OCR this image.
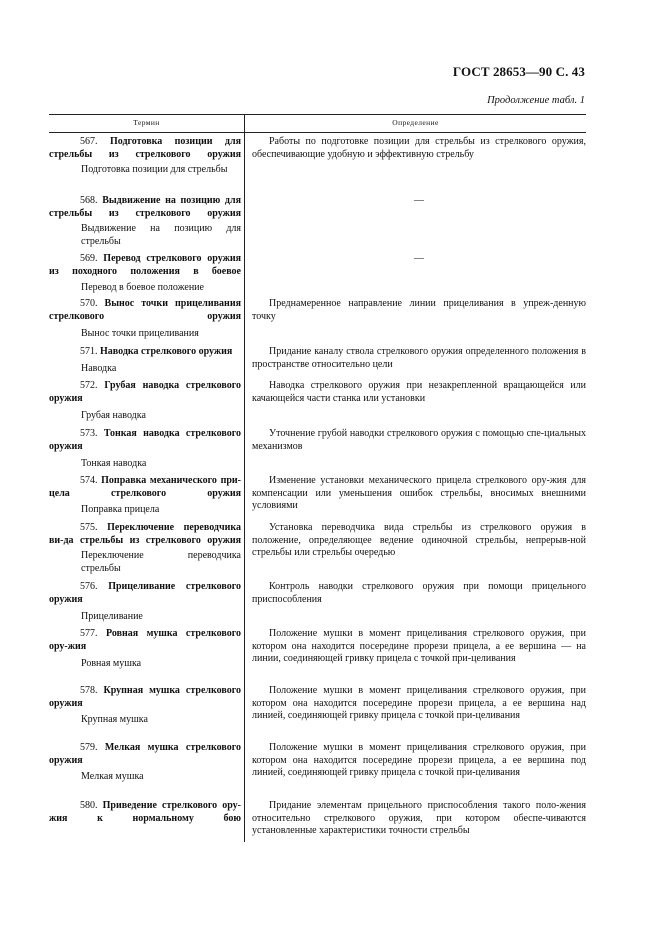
ГОСТ 28653—90 С. 43
Продолжение табл. 1
Термин	Определение
567. Подготовка позиции для стрельбы из стрелкового оружия
Подготовка позиции для стрельбы
Работы по подготовке позиции для стрельбы из стрелкового оружия, обеспечивающие удобную и эффективную стрельбу
568. Выдвижение на позицию для стрельбы из стрелкового оружия
Выдвижение на позицию для стрельбы
—
569. Перевод стрелкового оружия из походного положения в боевое
Перевод в боевое положение
—
570. Вынос точки прицеливания стрелкового оружия
Вынос точки прицеливания
Преднамеренное направление линии прицеливания в упреж-денную точку
571. Наводка стрелкового оружия
Наводка
Придание каналу ствола стрелкового оружия определенного положения в пространстве относительно цели
572. Грубая наводка стрелкового оружия
Грубая наводка
Наводка стрелкового оружия при незакрепленной вращающейся или качающейся части станка или установки
573. Тонкая наводка стрелкового оружия
Тонкая наводка
Уточнение грубой наводки стрелкового оружия с помощью спе-циальных механизмов
574. Поправка механического при-цела стрелкового оружия
Поправка прицела
Изменение установки механического прицела стрелкового ору-жия для компенсации или уменьшения ошибок стрельбы, вносимых внешними условиями
575. Переключение переводчика ви-да стрельбы из стрелкового оружия
Переключение переводчика стрельбы
Установка переводчика вида стрельбы из стрелкового оружия в положение, определяющее ведение одиночной стрельбы, непрерыв-ной стрельбы или стрельбы очередью
576. Прицеливание стрелкового оружия
Прицеливание
Контроль наводки стрелкового оружия при помощи прицельного приспособления
577. Ровная мушка стрелкового ору-жия
Ровная мушка
Положение мушки в момент прицеливания стрелкового оружия, при котором она находится посередине прорези прицела, а ее вершина — на линии, соединяющей гривку прицела с точкой при-целивания
578. Крупная мушка стрелкового оружия
Крупная мушка
Положение мушки в момент прицеливания стрелкового оружия, при котором она находится посередине прорези прицела, а ее вершина над линией, соединяющей гривку прицела с точкой при-целивания
579. Мелкая мушка стрелкового оружия
Мелкая мушка
Положение мушки в момент прицеливания стрелкового оружия, при котором она находится посередине прорези прицела, а ее вершина под линией, соединяющей гривку прицела с точкой при-целивания
580. Приведение стрелкового ору-жия к нормальному бою
Придание элементам прицельного приспособления такого поло-жения относительно стрелкового оружия, при котором обеспе-чиваются установленные характеристики точности стрельбы
